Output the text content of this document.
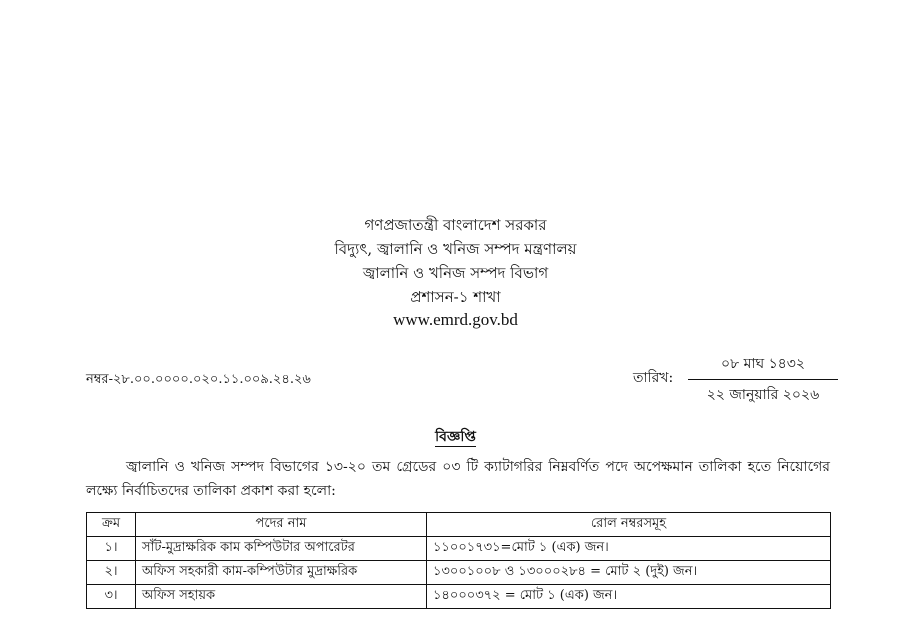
গণপ্রজাতন্ত্রী বাংলাদেশ সরকার
বিদ্যুৎ, জ্বালানি ও খনিজ সম্পদ মন্ত্রণালয়
জ্বালানি ও খনিজ সম্পদ বিভাগ
প্রশাসন-১ শাখা
www.emrd.gov.bd
নম্বর-২৮.০০.০০০০.০২০.১১.০০৯.২৪.২৬	তারিখ:
০৮ মাঘ ১৪৩২
২২ জানুয়ারি ২০২৬
বিজ্ঞপ্তি
জ্বালানি ও খনিজ সম্পদ বিভাগের ১৩-২০ তম গ্রেডের ০৩ টি ক্যাটাগরির নিম্নবর্ণিত পদে অপেক্ষমান তালিকা হতে নিয়োগের লক্ষ্যে নির্বাচিতদের তালিকা প্রকাশ করা হলো:
ক্রম	পদের নাম	রোল নম্বরসমূহ
১।	সাঁট-মুদ্রাক্ষরিক কাম কম্পিউটার অপারেটর	১১০০১৭৩১=মোট ১ (এক) জন।
২।	অফিস সহকারী কাম-কম্পিউটার মুদ্রাক্ষরিক	১৩০০১০০৮ ও ১৩০০০২৮৪ = মোট ২ (দুই) জন।
৩।	অফিস সহায়ক	১৪০০০৩৭২ = মোট ১ (এক) জন।
